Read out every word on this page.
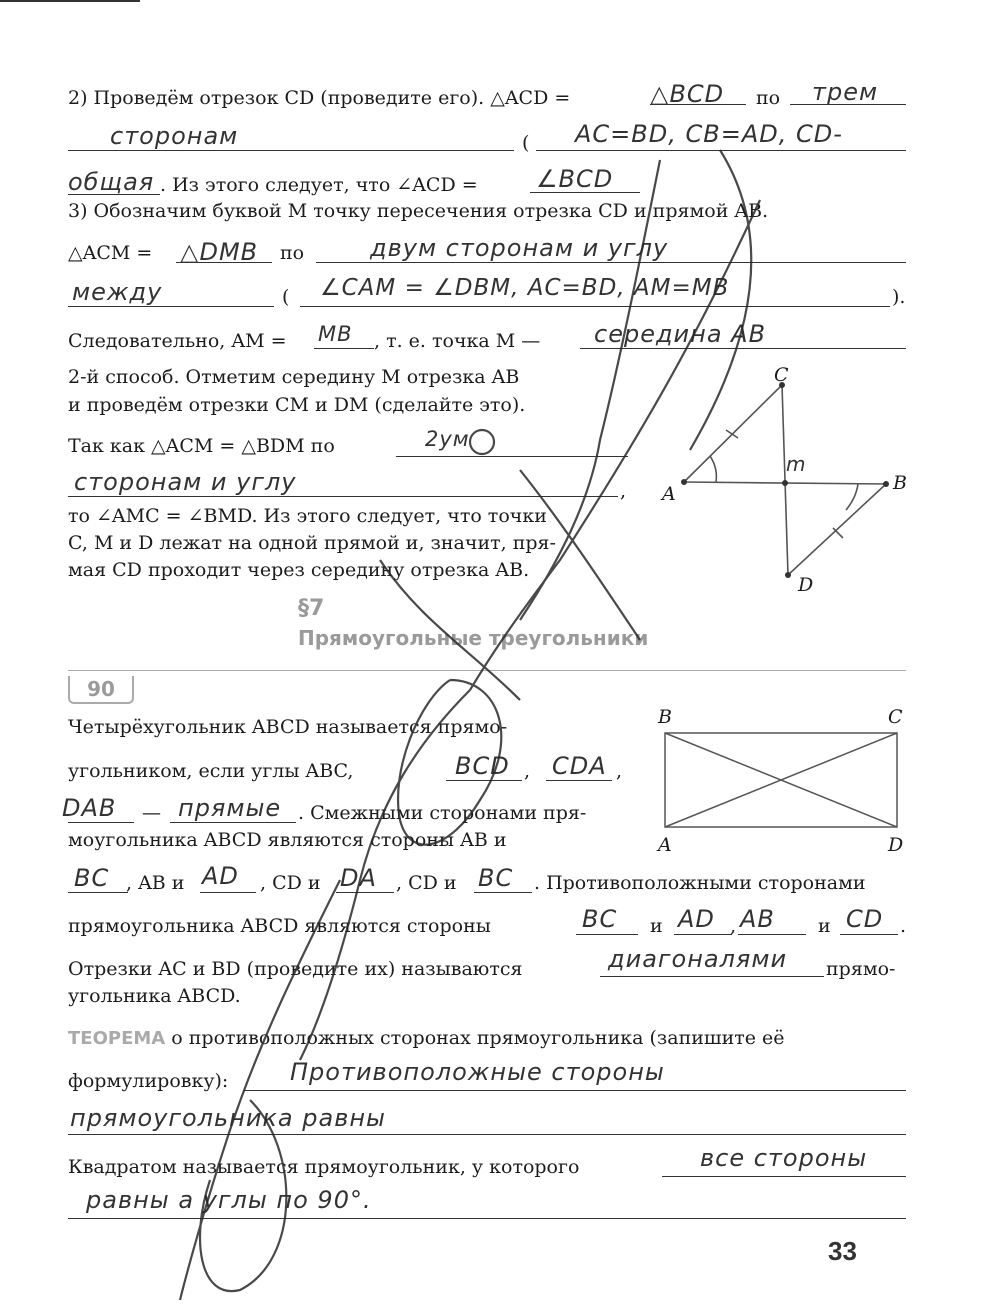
2) Проведём отрезок CD (проведите его). △ACD =	△BCD по трем
сторонам	( AC=BD, CB=AD, CD-
общая . Из этого следует, что ∠ACD = ∠BCD
3) Обозначим буквой M точку пересечения отрезка CD и прямой AB.
△ACM = △DMB по	двум сторонам и углу
между	( ∠CAM = ∠DBM, AC=BD, AM=MB	).
Следовательно, AM = MB , т. е. точка M — середина AB
2-й способ. Отметим середину M отрезка AB
и проведём отрезки CM и DM (сделайте это).
Так как △ACM = △BDM по	2ум
сторонам и углу	,
то ∠AMC = ∠BMD. Из этого следует, что точки
C, M и D лежат на одной прямой и, значит, пря-
мая CD проходит через середину отрезка AB.
C
A	B
D
m
§7
Прямоугольные треугольники
90
Четырёхугольник ABCD называется прямо-
угольником, если углы ABC,	BCD , CDA ,
DAB — прямые . Смежными сторонами пря-
моугольника ABCD являются стороны AB и
BC , AB и AD , CD и DA , CD и BC . Противоположными сторонами
прямоугольника ABCD являются стороны	BC и AD , AB и CD .
Отрезки AC и BD (проведите их) называются	диагоналями прямо-
угольника ABCD.
ТЕОРЕМА о противоположных сторонах прямоугольника (запишите её
формулировку):	Противоположные стороны
прямоугольника равны
Квадратом называется прямоугольник, у которого	все стороны
равны а углы по 90°.
B	C
A	D
33
